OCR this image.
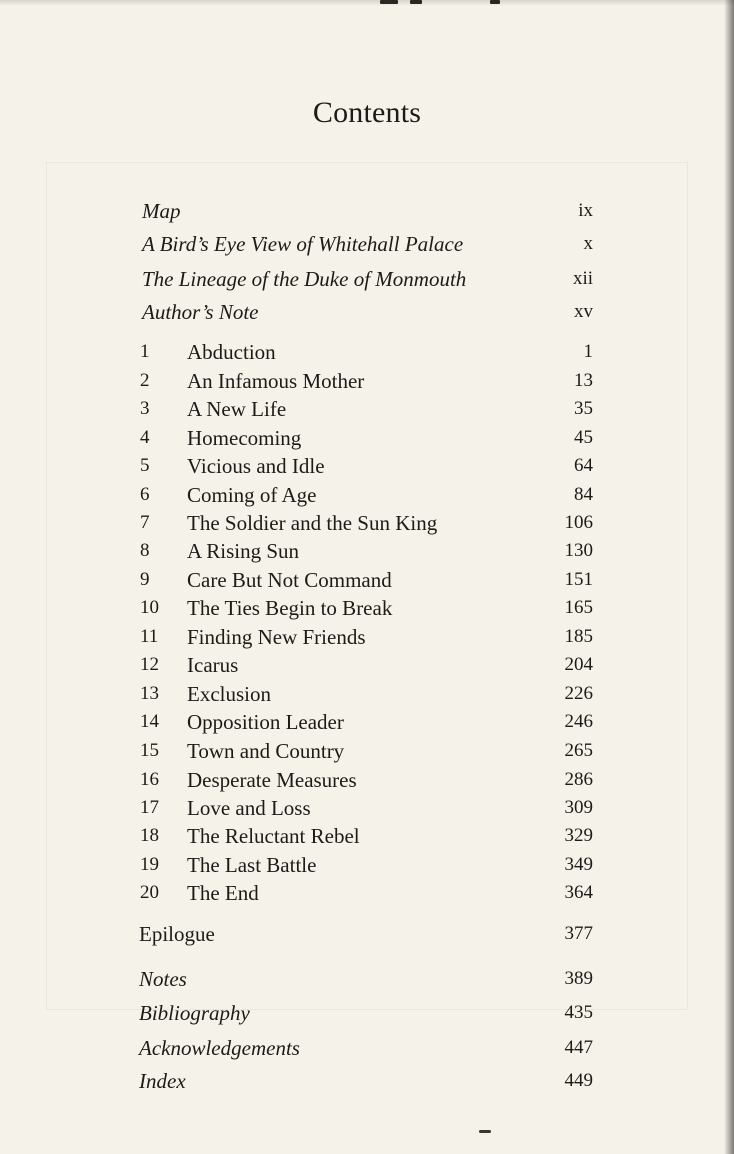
Contents
Map	ix
A Bird’s Eye View of Whitehall Palace	x
The Lineage of the Duke of Monmouth	xii
Author’s Note	xv
1	Abduction	1
2	An Infamous Mother	13
3	A New Life	35
4	Homecoming	45
5	Vicious and Idle	64
6	Coming of Age	84
7	The Soldier and the Sun King	106
8	A Rising Sun	130
9	Care But Not Command	151
10	The Ties Begin to Break	165
11	Finding New Friends	185
12	Icarus	204
13	Exclusion	226
14	Opposition Leader	246
15	Town and Country	265
16	Desperate Measures	286
17	Love and Loss	309
18	The Reluctant Rebel	329
19	The Last Battle	349
20	The End	364
Epilogue	377
Notes	389
Bibliography	435
Acknowledgements	447
Index	449
